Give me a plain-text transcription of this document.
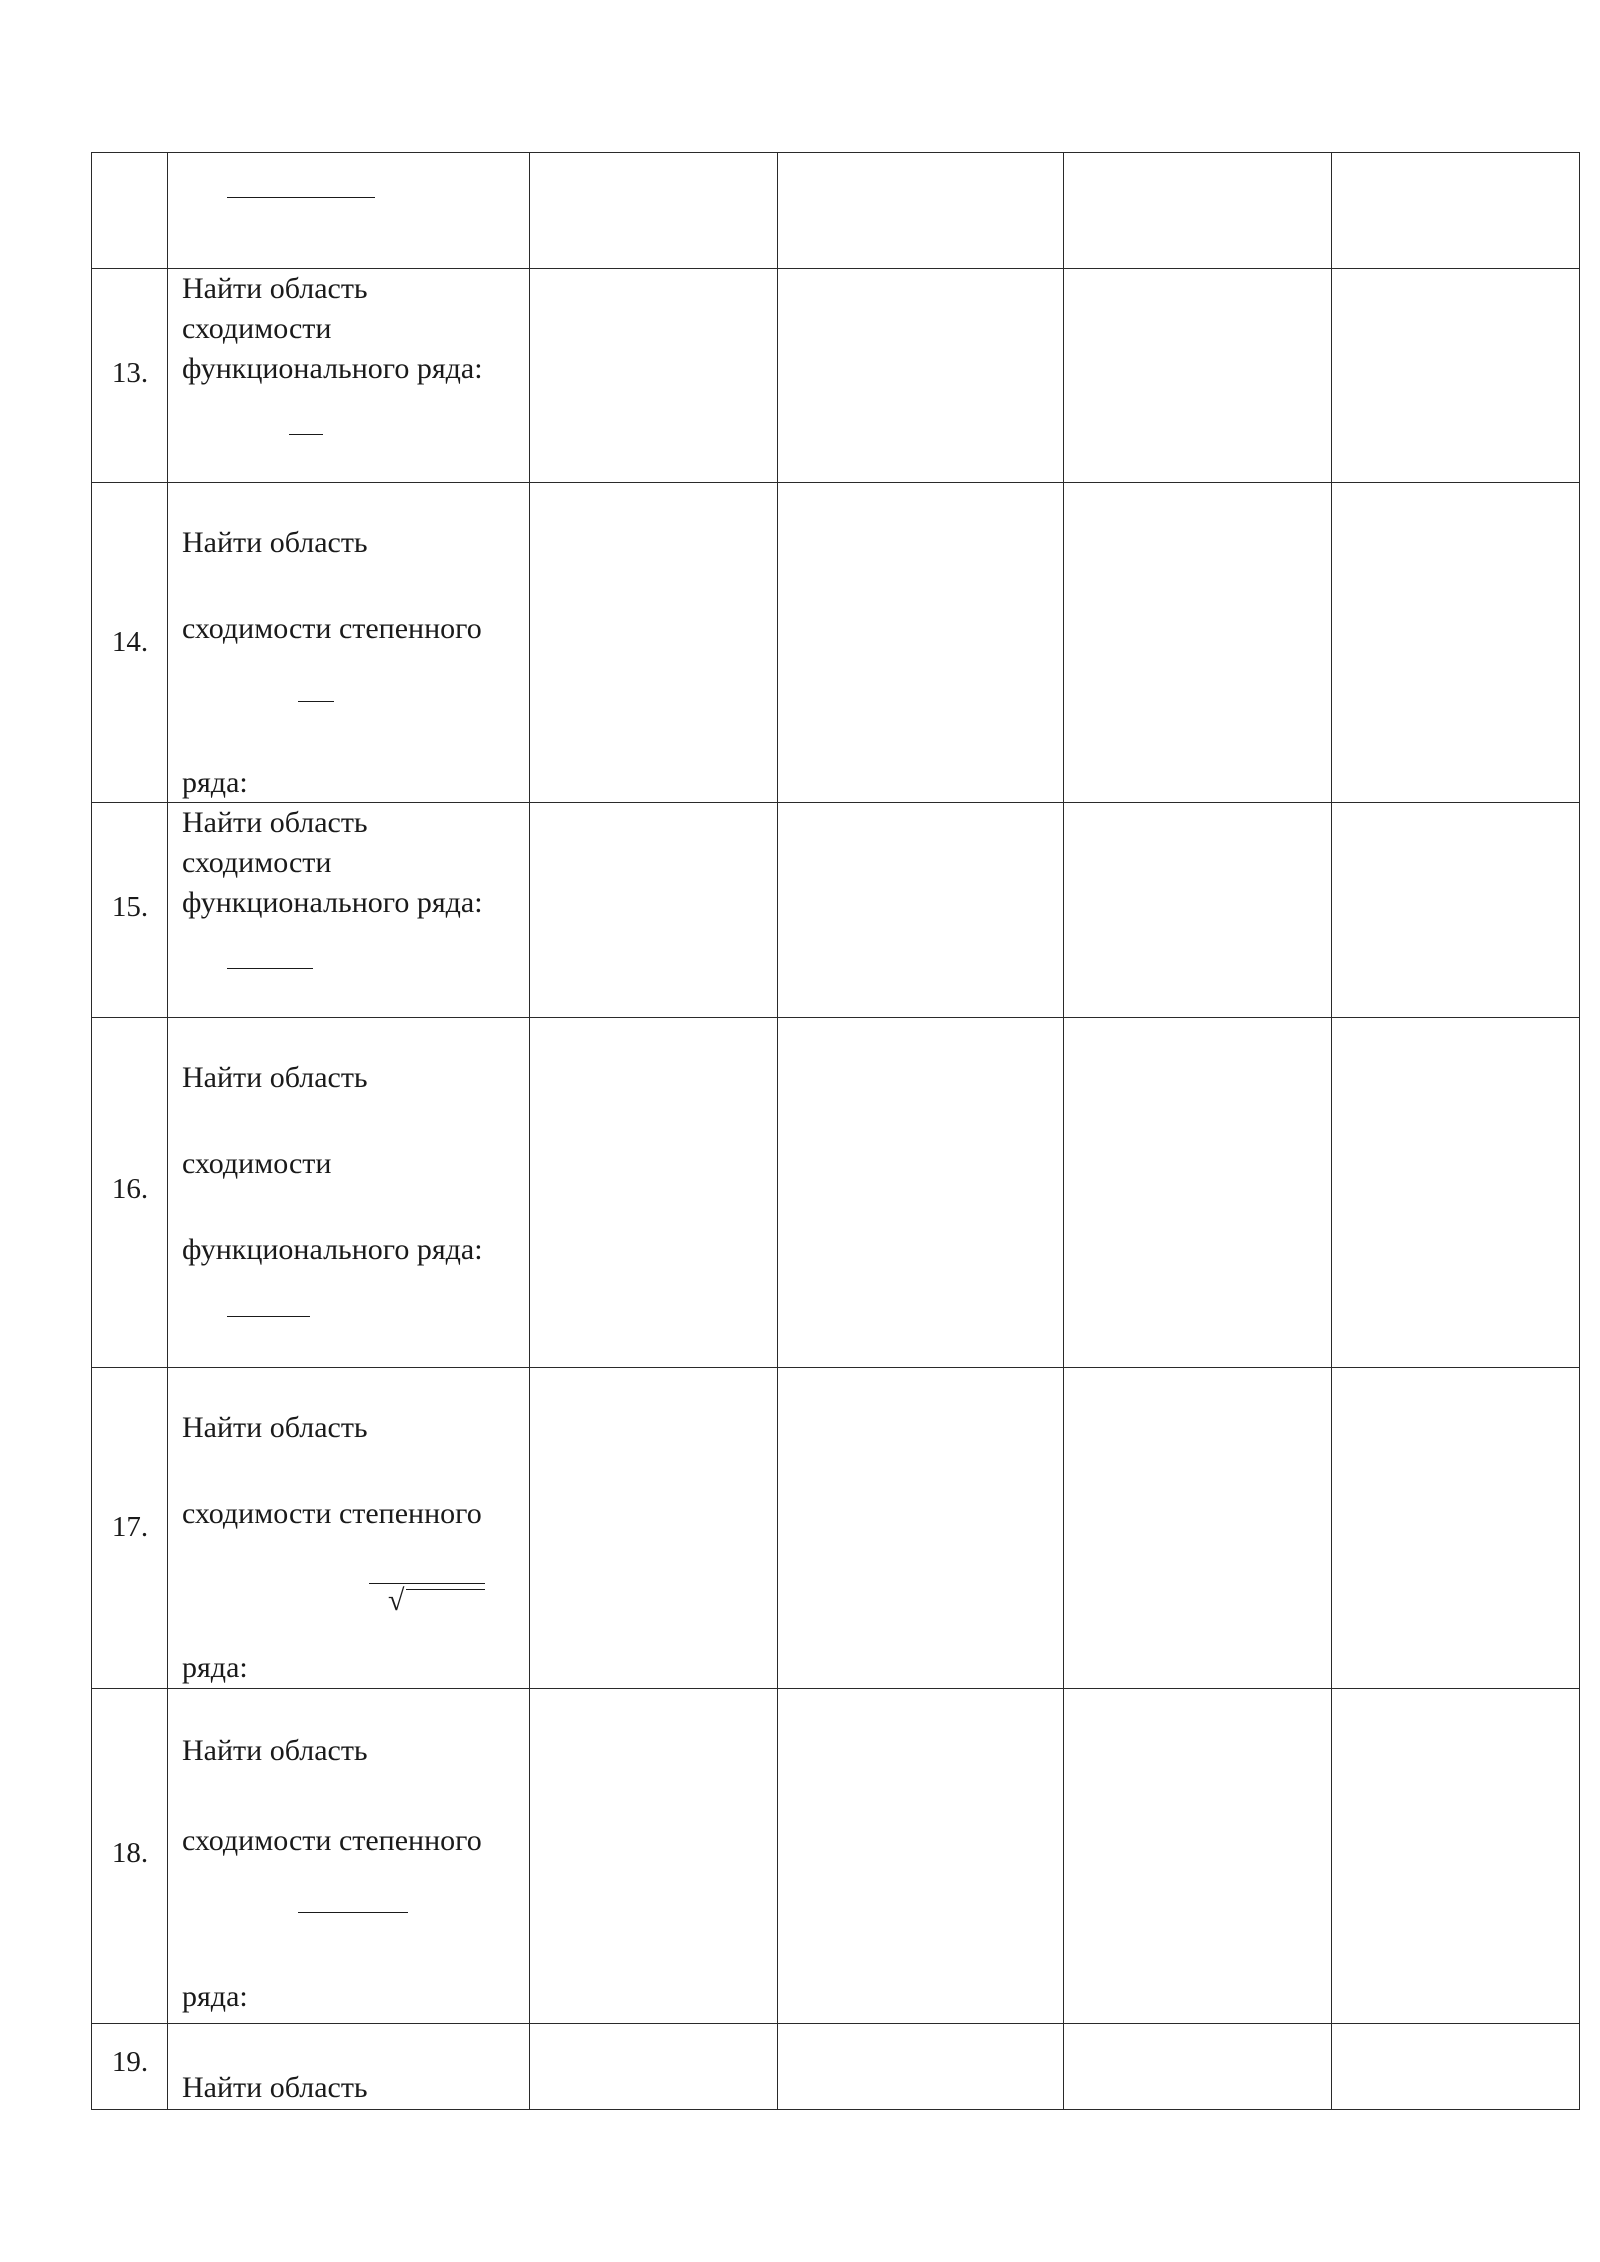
13.	Найти область
сходимости
функционального ряда:				

14.	Найти область
сходимости степенного
ряда:				

15.	Найти область
сходимости
функционального ряда:				

16.	Найти область
сходимости
функционального ряда:				

17.	Найти область
сходимости степенного
ряда:
√				

18.	Найти область
сходимости степенного
ряда:				

19.	Найти область				
